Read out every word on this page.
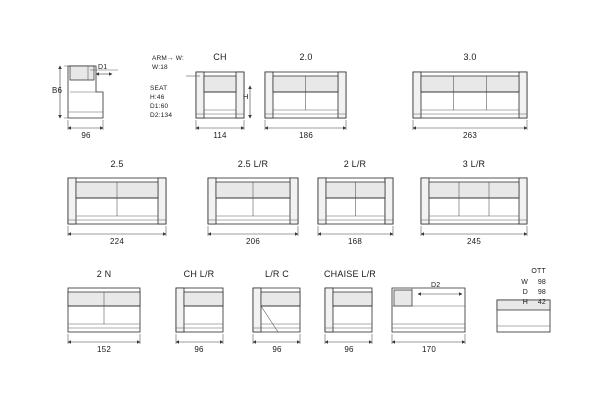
CH	2.0	3.0
96	114	186	263
B6
D1
H
ARM→ W:
W:18
SEAT
H:46
D1:60
D2:134
2.5	2.5 L/R	2 L/R	3 L/R
224	206	168	245
2 N	CH L/R	L/R C	CHAISE L/R
152	96	96	96	170
D2
OTT
W	98
D	98
H	42
